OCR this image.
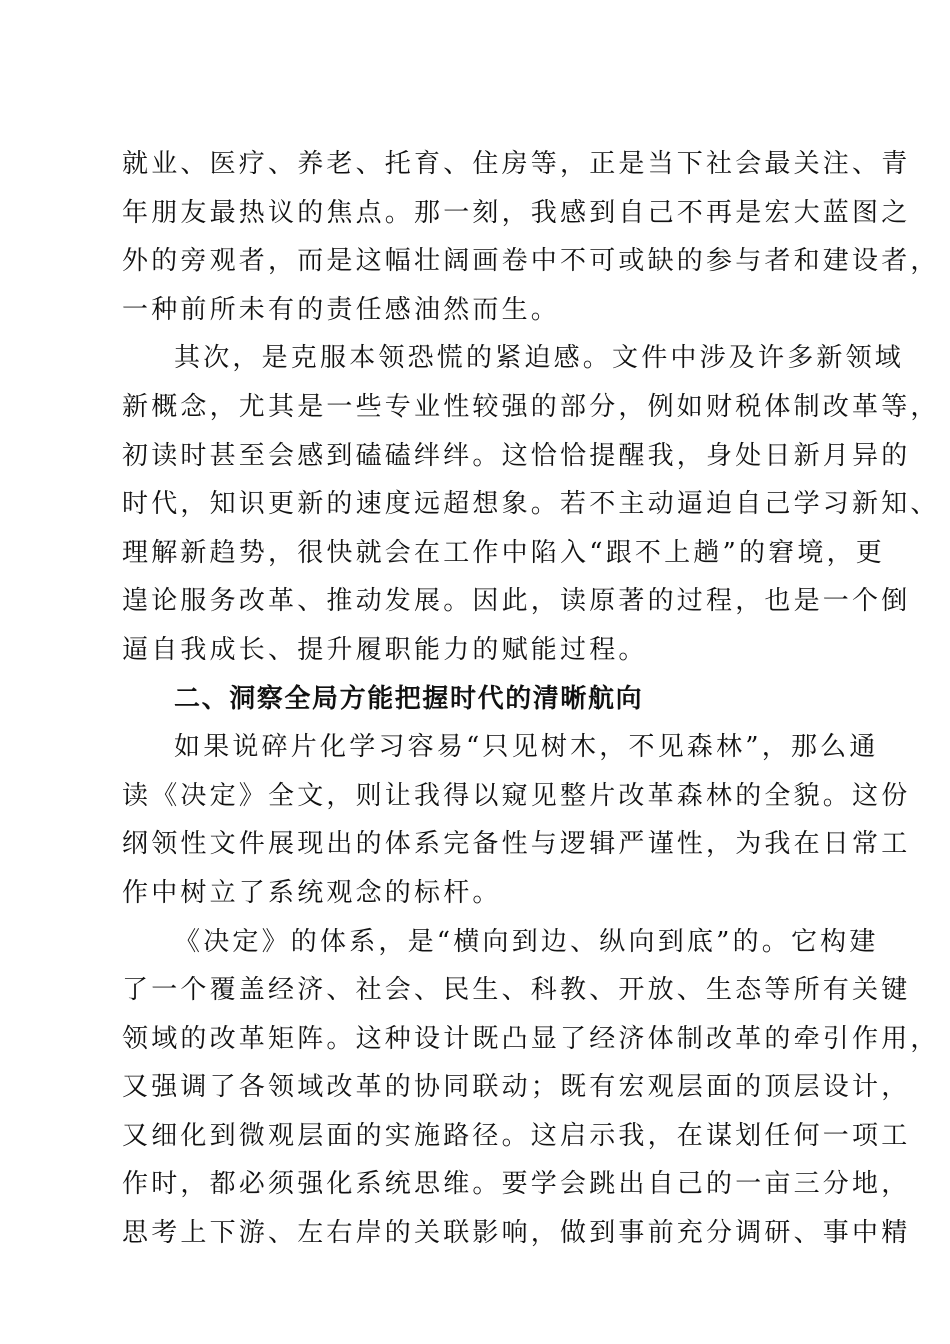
就业、医疗、养老、托育、住房等，正是当下社会最关注、青
年朋友最热议的焦点。那一刻，我感到自己不再是宏大蓝图之
外的旁观者，而是这幅壮阔画卷中不可或缺的参与者和建设者，
一种前所未有的责任感油然而生。
其次，是克服本领恐慌的紧迫感。文件中涉及许多新领域
新概念，尤其是一些专业性较强的部分，例如财税体制改革等，
初读时甚至会感到磕磕绊绊。这恰恰提醒我，身处日新月异的
时代，知识更新的速度远超想象。若不主动逼迫自己学习新知、
理解新趋势，很快就会在工作中陷入“跟不上趟”的窘境，更
遑论服务改革、推动发展。因此，读原著的过程，也是一个倒
逼自我成长、提升履职能力的赋能过程。
二、洞察全局方能把握时代的清晰航向
如果说碎片化学习容易“只见树木，不见森林”，那么通
读《决定》全文，则让我得以窥见整片改革森林的全貌。这份
纲领性文件展现出的体系完备性与逻辑严谨性，为我在日常工
作中树立了系统观念的标杆。
《决定》的体系，是“横向到边、纵向到底”的。它构建
了一个覆盖经济、社会、民生、科教、开放、生态等所有关键
领域的改革矩阵。这种设计既凸显了经济体制改革的牵引作用，
又强调了各领域改革的协同联动；既有宏观层面的顶层设计，
又细化到微观层面的实施路径。这启示我，在谋划任何一项工
作时，都必须强化系统思维。要学会跳出自己的一亩三分地，
思考上下游、左右岸的关联影响，做到事前充分调研、事中精
